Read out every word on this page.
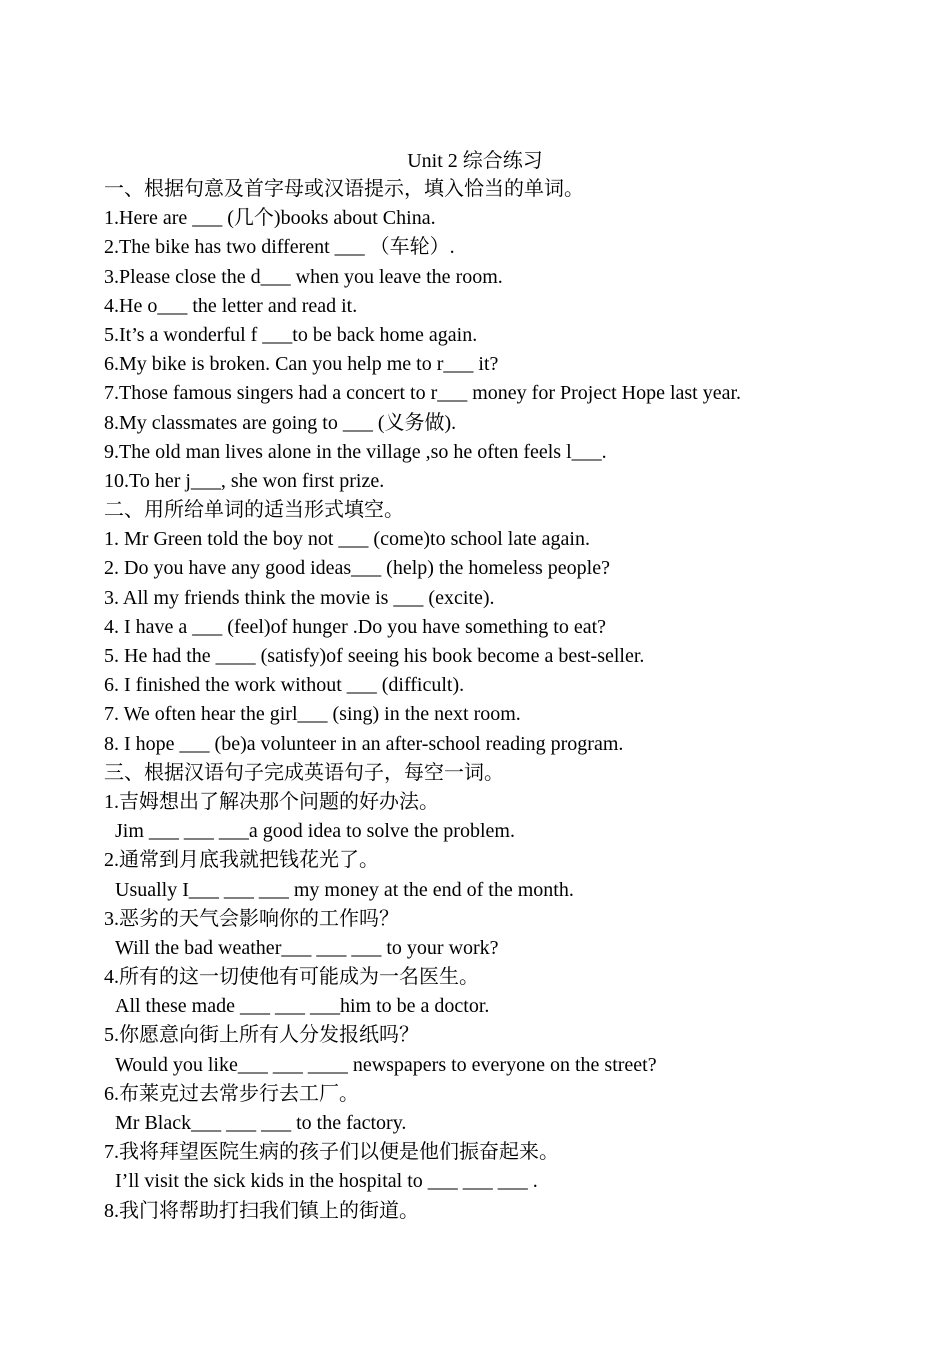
Unit 2 综合练习
一、根据句意及首字母或汉语提示，填入恰当的单词。
1.Here are ___ (几个)books about China.
2.The bike has two different ___ （车轮）.
3.Please close the d___ when you leave the room.
4.He o___ the letter and read it.
5.It’s a wonderful f ___to be back home again.
6.My bike is broken. Can you help me to r___ it?
7.Those famous singers had a concert to r___ money for Project Hope last year.
8.My classmates are going to ___ (义务做).
9.The old man lives alone in the village ,so he often feels l___.
10.To her j___, she won first prize.
二、用所给单词的适当形式填空。
1. Mr Green told the boy not ___ (come)to school late again.
2. Do you have any good ideas___ (help) the homeless people?
3. All my friends think the movie is ___ (excite).
4. I have a ___ (feel)of hunger .Do you have something to eat?
5. He had the ____ (satisfy)of seeing his book become a best-seller.
6. I finished the work without ___ (difficult).
7. We often hear the girl___ (sing) in the next room.
8. I hope ___ (be)a volunteer in an after-school reading program.
三、根据汉语句子完成英语句子，每空一词。
1.吉姆想出了解决那个问题的好办法。
Jim ___ ___ ___a good idea to solve the problem.
2.通常到月底我就把钱花光了。
Usually I___ ___ ___ my money at the end of the month.
3.恶劣的天气会影响你的工作吗？
Will the bad weather___ ___ ___ to your work?
4.所有的这一切使他有可能成为一名医生。
All these made ___ ___ ___him to be a doctor.
5.你愿意向街上所有人分发报纸吗？
Would you like___ ___ ____ newspapers to everyone on the street?
6.布莱克过去常步行去工厂。
Mr Black___ ___ ___ to the factory.
7.我将拜望医院生病的孩子们以便是他们振奋起来。
I’ll visit the sick kids in the hospital to ___ ___ ___ .
8.我门将帮助打扫我们镇上的街道。
